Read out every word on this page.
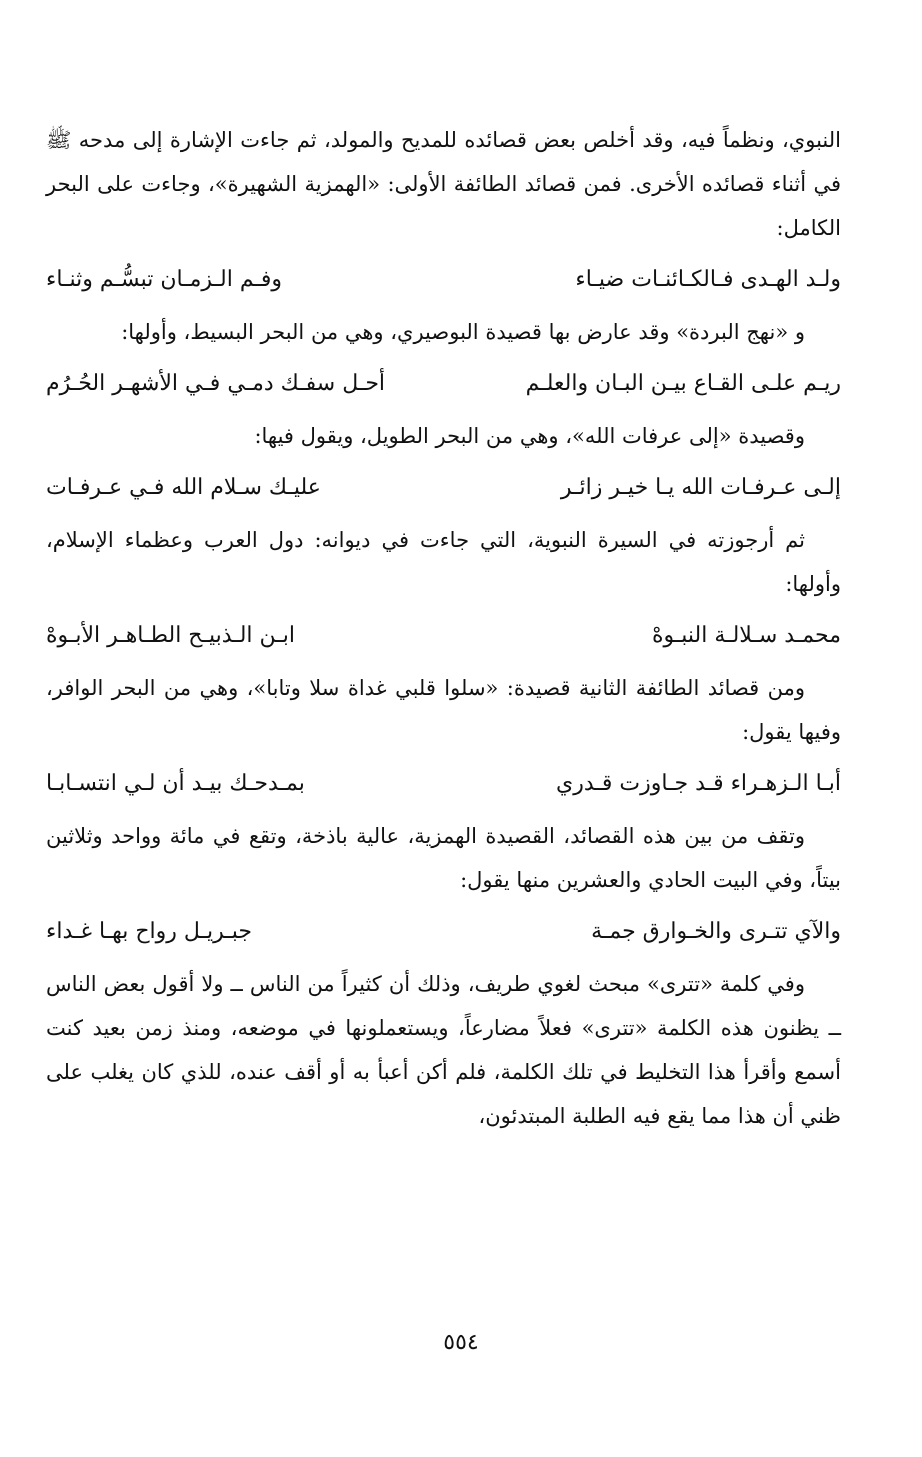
النبوي، ونظماً فيه، وقد أخلص بعض قصائده للمديح والمولد، ثم جاءت الإشارة إلى مدحه ﷺ في أثناء قصائده الأخرى. فمن قصائد الطائفة الأولى: «الهمزية الشهيرة»، وجاءت على البحر الكامل:

ولـد الهـدى فـالكـائنـات ضيـاء
وفـم الـزمـان تبسُّـم وثنـاء

و «نهج البردة» وقد عارض بها قصيدة البوصيري، وهي من البحر البسيط، وأولها:

ريـم علـى القـاع بيـن البـان والعلـم
أحـل سفـك دمـي فـي الأشهـر الحُـرُم

وقصيدة «إلى عرفات الله»، وهي من البحر الطويل، ويقول فيها:

إلـى عـرفـات الله يـا خيـر زائـر
عليـك سـلام الله فـي عـرفـات

ثم أرجوزته في السيرة النبوية، التي جاءت في ديوانه: دول العرب وعظماء الإسلام، وأولها:

محمـد سـلالـة النبـوهْ
ابـن الـذبيـح الطـاهـر الأبـوهْ

ومن قصائد الطائفة الثانية قصيدة: «سلوا قلبي غداة سلا وتابا»، وهي من البحر الوافر، وفيها يقول:

أبـا الـزهـراء قـد جـاوزت قـدري
بمـدحـك بيـد أن لـي انتسـابـا

وتقف من بين هذه القصائد، القصيدة الهمزية، عالية باذخة، وتقع في مائة وواحد وثلاثين بيتاً، وفي البيت الحادي والعشرين منها يقول:

والآي تتـرى والخـوارق جمـة
جبـريـل رواح بهـا غـداء

وفي كلمة «تترى» مبحث لغوي طريف، وذلك أن كثيراً من الناس ــ ولا أقول بعض الناس ــ يظنون هذه الكلمة «تترى» فعلاً مضارعاً، ويستعملونها في موضعه، ومنذ زمن بعيد كنت أسمع وأقرأ هذا التخليط في تلك الكلمة، فلم أكن أعبأ به أو أقف عنده، للذي كان يغلب على ظني أن هذا مما يقع فيه الطلبة المبتدئون،

٥٥٤
